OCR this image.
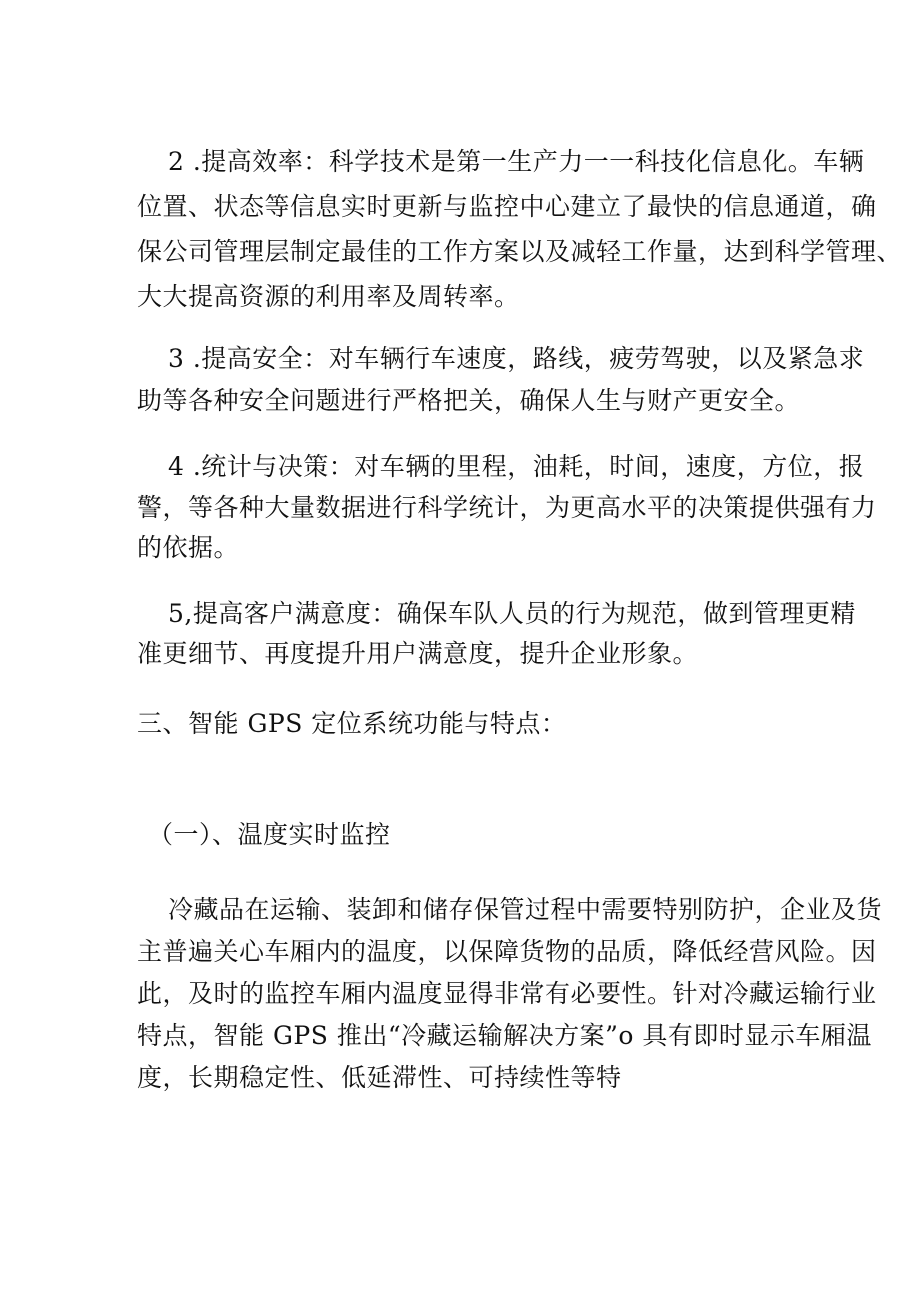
2 .提高效率：科学技术是第一生产力一一科技化信息化。车辆
位置、状态等信息实时更新与监控中心建立了最快的信息通道，确
保公司管理层制定最佳的工作方案以及减轻工作量，达到科学管理、
大大提高资源的利用率及周转率。
3 .提高安全：对车辆行车速度，路线，疲劳驾驶，以及紧急求
助等各种安全问题进行严格把关，确保人生与财产更安全。
4 .统计与决策：对车辆的里程，油耗，时间，速度，方位，报
警，等各种大量数据进行科学统计，为更高水平的决策提供强有力
的依据。
5,提高客户满意度：确保车队人员的行为规范，做到管理更精
准更细节、再度提升用户满意度，提升企业形象。
三、智能 GPS 定位系统功能与特点：
（一）、温度实时监控
冷藏品在运输、装卸和储存保管过程中需要特别防护，企业及货
主普遍关心车厢内的温度，以保障货物的品质，降低经营风险。因
此，及时的监控车厢内温度显得非常有必要性。针对冷藏运输行业
特点，智能 GPS 推出“冷藏运输解决方案”o 具有即时显示车厢温
度，长期稳定性、低延滞性、可持续性等特
